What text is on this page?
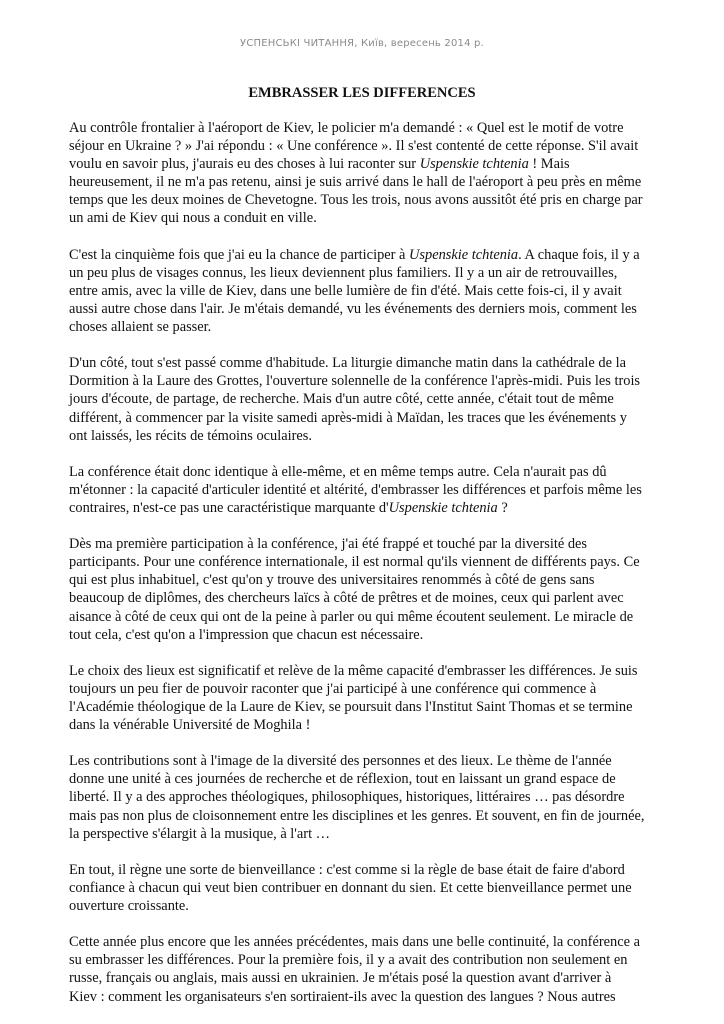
УСПЕНСЬКІ ЧИТАННЯ, Київ, вересень 2014 р.
EMBRASSER LES DIFFERENCES

Au contrôle frontalier à l'aéroport de Kiev, le policier m'a demandé : « Quel est le motif de votre
séjour en Ukraine ? » J'ai répondu : « Une conférence ». Il s'est contenté de cette réponse. S'il avait
voulu en savoir plus, j'aurais eu des choses à lui raconter sur Uspenskie tchtenia ! Mais
heureusement, il ne m'a pas retenu, ainsi je suis arrivé dans le hall de l'aéroport à peu près en même
temps que les deux moines de Chevetogne. Tous les trois, nous avons aussitôt été pris en charge par
un ami de Kiev qui nous a conduit en ville.

C'est la cinquième fois que j'ai eu la chance de participer à Uspenskie tchtenia. A chaque fois, il y a
un peu plus de visages connus, les lieux deviennent plus familiers. Il y a un air de retrouvailles,
entre amis, avec la ville de Kiev, dans une belle lumière de fin d'été. Mais cette fois-ci, il y avait
aussi autre chose dans l'air. Je m'étais demandé, vu les événements des derniers mois, comment les
choses allaient se passer.

D'un côté, tout s'est passé comme d'habitude. La liturgie dimanche matin dans la cathédrale de la
Dormition à la Laure des Grottes, l'ouverture solennelle de la conférence l'après-midi. Puis les trois
jours d'écoute, de partage, de recherche. Mais d'un autre côté, cette année, c'était tout de même
différent, à commencer par la visite samedi après-midi à Maïdan, les traces que les événements y
ont laissés, les récits de témoins oculaires.

La conférence était donc identique à elle-même, et en même temps autre. Cela n'aurait pas dû
m'étonner : la capacité d'articuler identité et altérité, d'embrasser les différences et parfois même les
contraires, n'est-ce pas une caractéristique marquante d'Uspenskie tchtenia ?

Dès ma première participation à la conférence, j'ai été frappé et touché par la diversité des
participants. Pour une conférence internationale, il est normal qu'ils viennent de différents pays. Ce
qui est plus inhabituel, c'est qu'on y trouve des universitaires renommés à côté de gens sans
beaucoup de diplômes, des chercheurs laïcs à côté de prêtres et de moines, ceux qui parlent avec
aisance à côté de ceux qui ont de la peine à parler ou qui même écoutent seulement. Le miracle de
tout cela, c'est qu'on a l'impression que chacun est nécessaire.

Le choix des lieux est significatif et relève de la même capacité d'embrasser les différences. Je suis
toujours un peu fier de pouvoir raconter que j'ai participé à une conférence qui commence à
l'Académie théologique de la Laure de Kiev, se poursuit dans l'Institut Saint Thomas et se termine
dans la vénérable Université de Moghila !

Les contributions sont à l'image de la diversité des personnes et des lieux. Le thème de l'année
donne une unité à ces journées de recherche et de réflexion, tout en laissant un grand espace de
liberté. Il y a des approches théologiques, philosophiques, historiques, littéraires … pas désordre
mais pas non plus de cloisonnement entre les disciplines et les genres. Et souvent, en fin de journée,
la perspective s'élargit à la musique, à l'art …

En tout, il règne une sorte de bienveillance : c'est comme si la règle de base était de faire d'abord
confiance à chacun qui veut bien contribuer en donnant du sien. Et cette bienveillance permet une
ouverture croissante.

Cette année plus encore que les années précédentes, mais dans une belle continuité, la conférence a
su embrasser les différences. Pour la première fois, il y a avait des contribution non seulement en
russe, français ou anglais, mais aussi en ukrainien. Je m'étais posé la question avant d'arriver à
Kiev : comment les organisateurs s'en sortiraient-ils avec la question des langues ? Nous autres
